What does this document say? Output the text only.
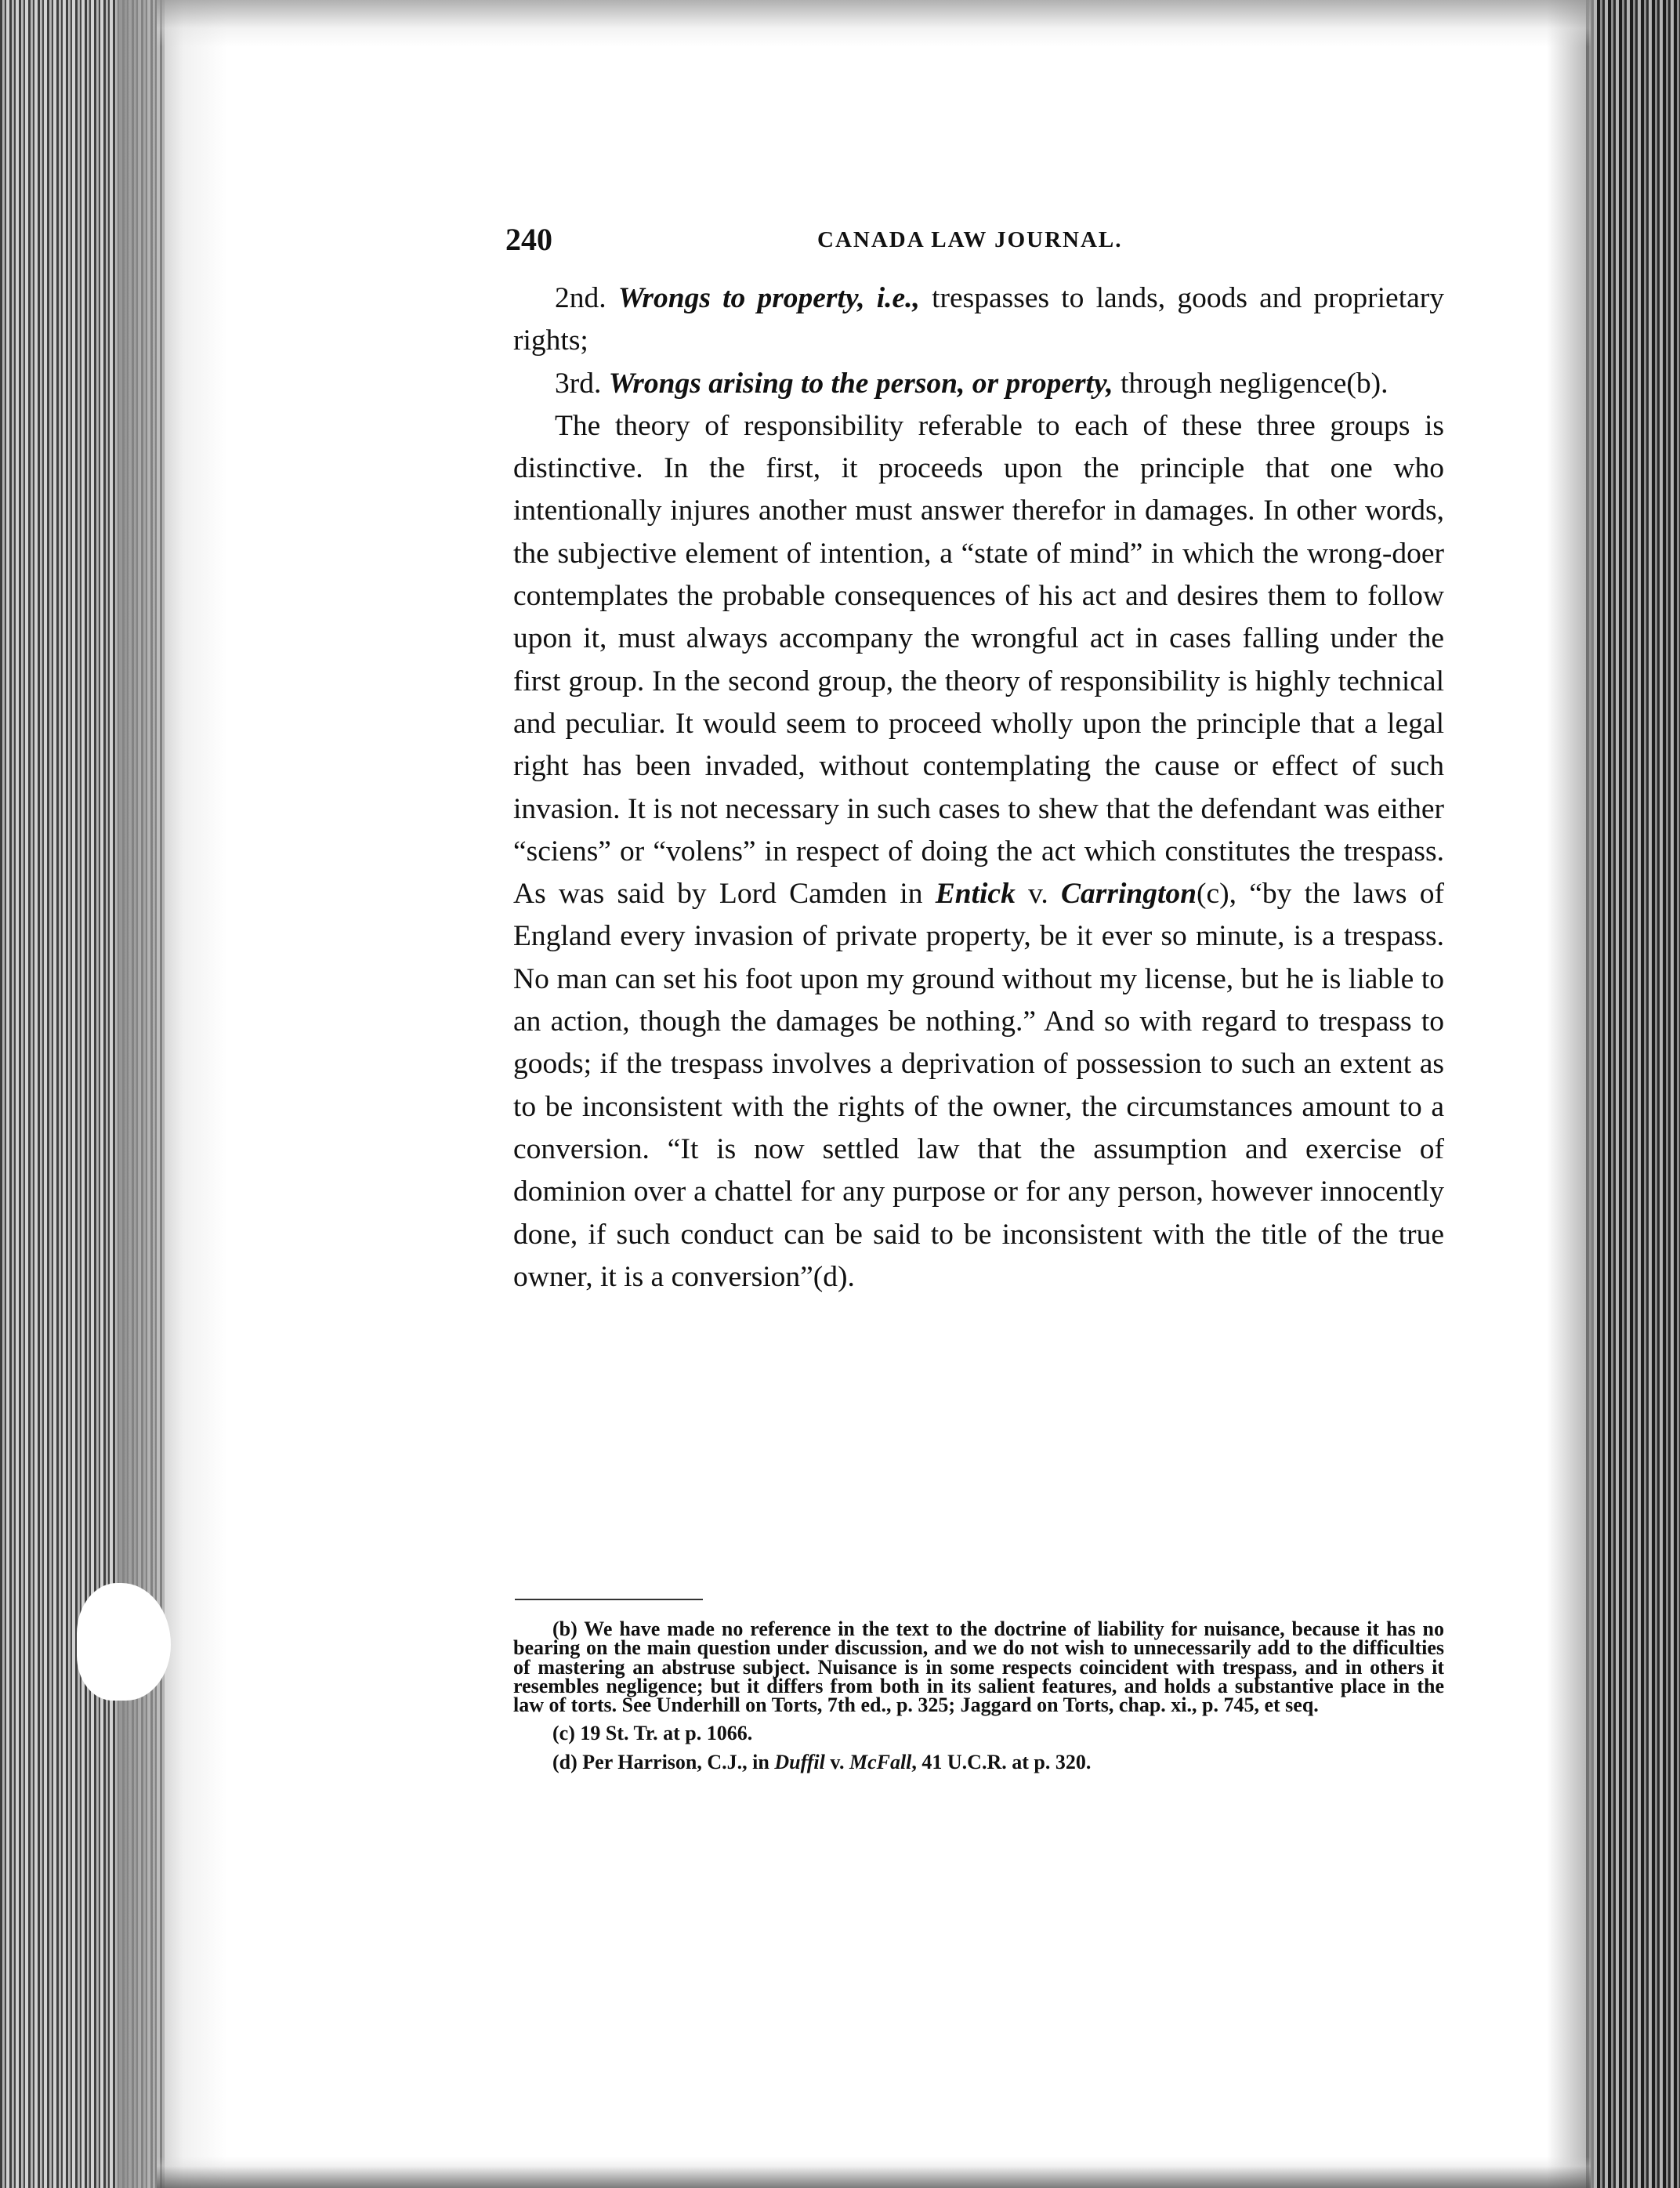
240	CANADA LAW JOURNAL.

2nd. Wrongs to property, i.e., trespasses to lands, goods and proprietary rights;

3rd. Wrongs arising to the person, or property, through negligence(b).

The theory of responsibility referable to each of these three groups is distinctive. In the first, it proceeds upon the principle that one who intentionally injures another must answer therefor in damages. In other words, the subjective element of intention, a “state of mind” in which the wrong-doer contemplates the probable consequences of his act and desires them to follow upon it, must always accompany the wrongful act in cases falling under the first group. In the second group, the theory of responsibility is highly technical and peculiar. It would seem to proceed wholly upon the principle that a legal right has been invaded, without contemplating the cause or effect of such invasion. It is not necessary in such cases to shew that the defendant was either “sciens” or “volens” in respect of doing the act which constitutes the trespass. As was said by Lord Camden in Entick v. Carrington(c), “by the laws of England every invasion of private property, be it ever so minute, is a trespass. No man can set his foot upon my ground without my license, but he is liable to an action, though the damages be nothing.” And so with regard to trespass to goods; if the trespass involves a deprivation of possession to such an extent as to be inconsistent with the rights of the owner, the circumstances amount to a conversion. “It is now settled law that the assumption and exercise of dominion over a chattel for any purpose or for any person, however innocently done, if such conduct can be said to be inconsistent with the title of the true owner, it is a conversion”(d).

(b) We have made no reference in the text to the doctrine of liability for nuisance, because it has no bearing on the main question under discussion, and we do not wish to unnecessarily add to the difficulties of mastering an abstruse subject. Nuisance is in some respects coincident with trespass, and in others it resembles negligence; but it differs from both in its salient features, and holds a substantive place in the law of torts. See Underhill on Torts, 7th ed., p. 325; Jaggard on Torts, chap. xi., p. 745, et seq.

(c) 19 St. Tr. at p. 1066.

(d) Per Harrison, C.J., in Duffil v. McFall, 41 U.C.R. at p. 320.
